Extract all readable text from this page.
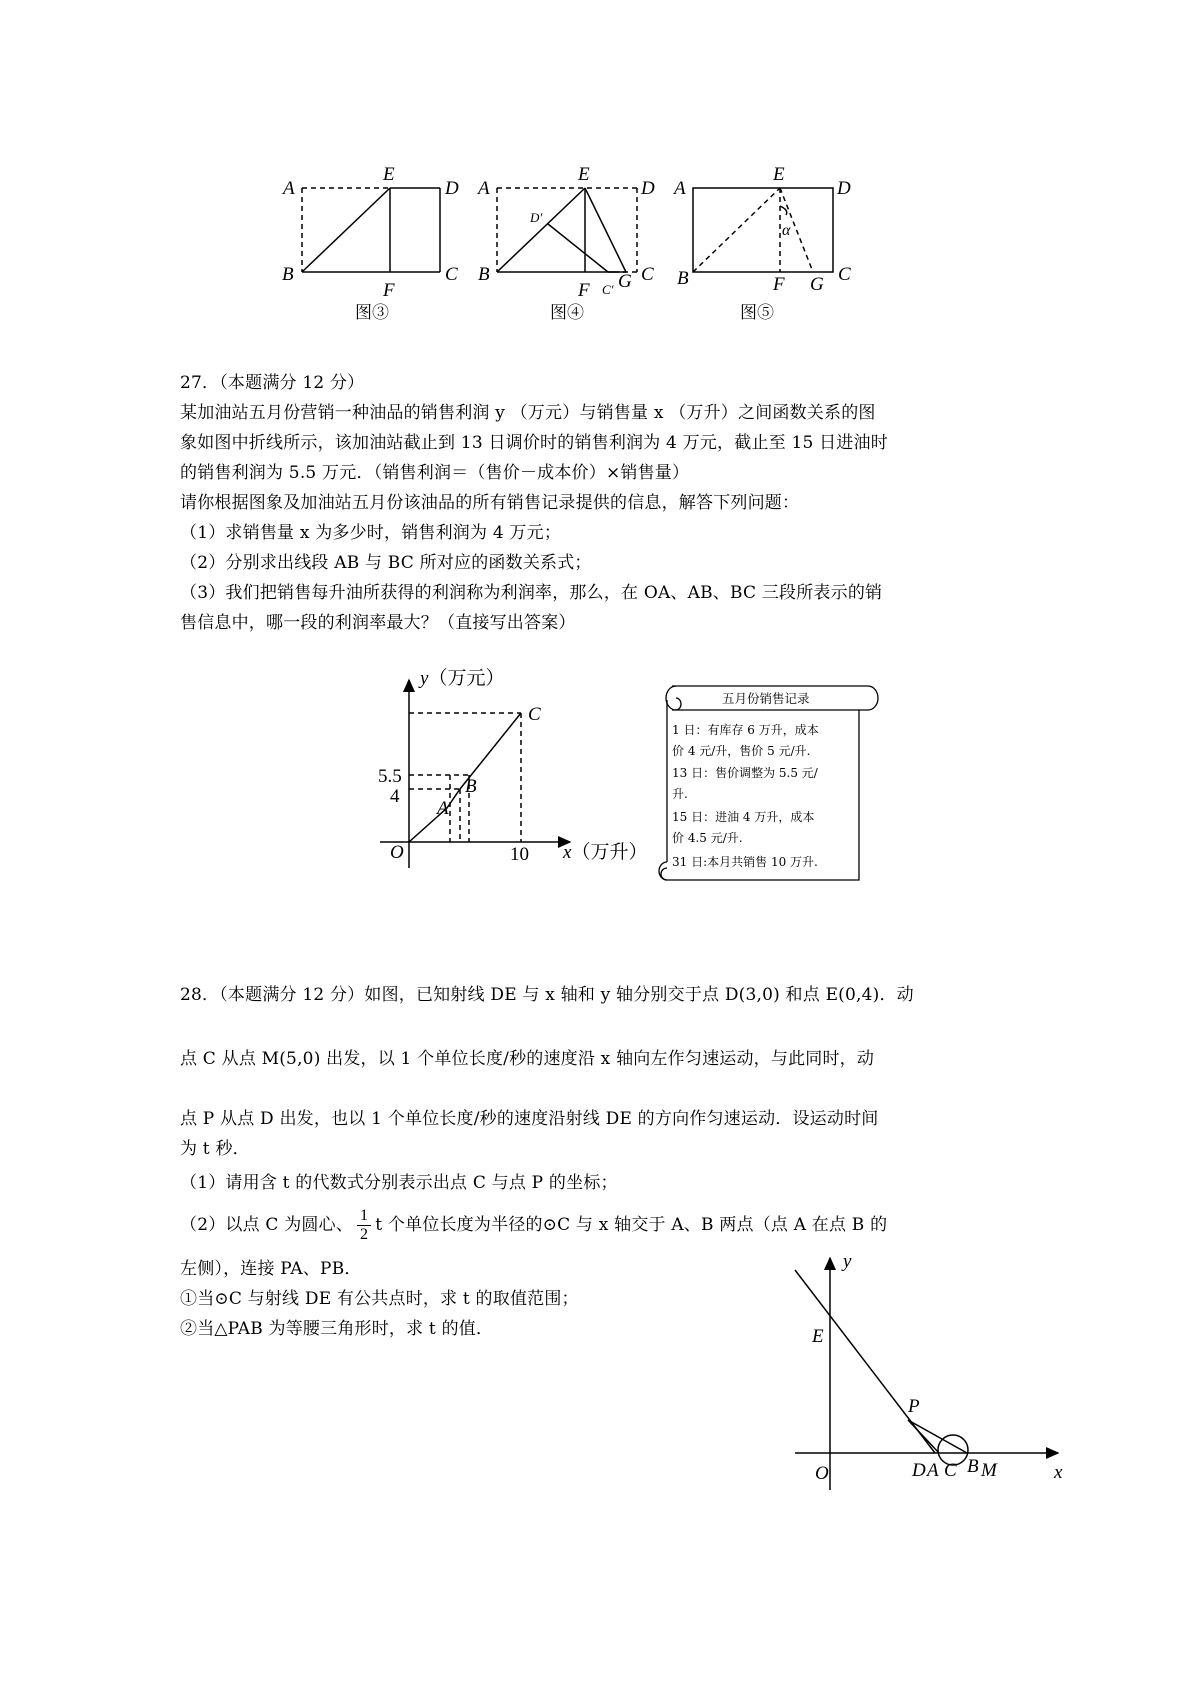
A
E
D
B
F
C
图③
A
E
D
D′
B
F C′ G C
图④
A
E
D
α
B	F G C
图⑤
27．（本题满分 12 分）
某加油站五月份营销一种油品的销售利润 y （万元）与销售量 x （万升）之间函数关系的图
象如图中折线所示，该加油站截止到 13 日调价时的销售利润为 4 万元，截止至 15 日进油时
的销售利润为 5.5 万元．（销售利润＝（售价－成本价）×销售量）
请你根据图象及加油站五月份该油品的所有销售记录提供的信息，解答下列问题：
（1）求销售量 x 为多少时，销售利润为 4 万元；
（2）分别求出线段 AB 与 BC 所对应的函数关系式；
（3）我们把销售每升油所获得的利润称为利润率，那么，在 OA、AB、BC 三段所表示的销
售信息中，哪一段的利润率最大？（直接写出答案）
y（万元）
x（万升）
O
5.5
4
10
A
B
C
五月份销售记录
1 日：有库存 6 万升，成本
价 4 元/升，售价 5 元/升.
13 日：售价调整为 5.5 元/
升.
15 日：进油 4 万升，成本
价 4.5 元/升.
31 日:本月共销售 10 万升.
28．（本题满分 12 分）如图，已知射线 DE 与 x 轴和 y 轴分别交于点 D(3,0) 和点 E(0,4)．动
点 C 从点 M(5,0) 出发，以 1 个单位长度/秒的速度沿 x 轴向左作匀速运动，与此同时，动
点 P 从点 D 出发，也以 1 个单位长度/秒的速度沿射线 DE 的方向作匀速运动．设运动时间
为 t 秒．
（1）请用含 t 的代数式分别表示出点 C 与点 P 的坐标；
（2）以点 C 为圆心、 $\frac{1}{2}$ t 个单位长度为半径的⊙C 与 x 轴交于 A、B 两点（点 A 在点 B 的
左侧），连接 PA、PB．
①当⊙C 与射线 DE 有公共点时，求 t 的取值范围；
②当△PAB 为等腰三角形时，求 t 的值．
y
x
E
P
O	D A C B M
